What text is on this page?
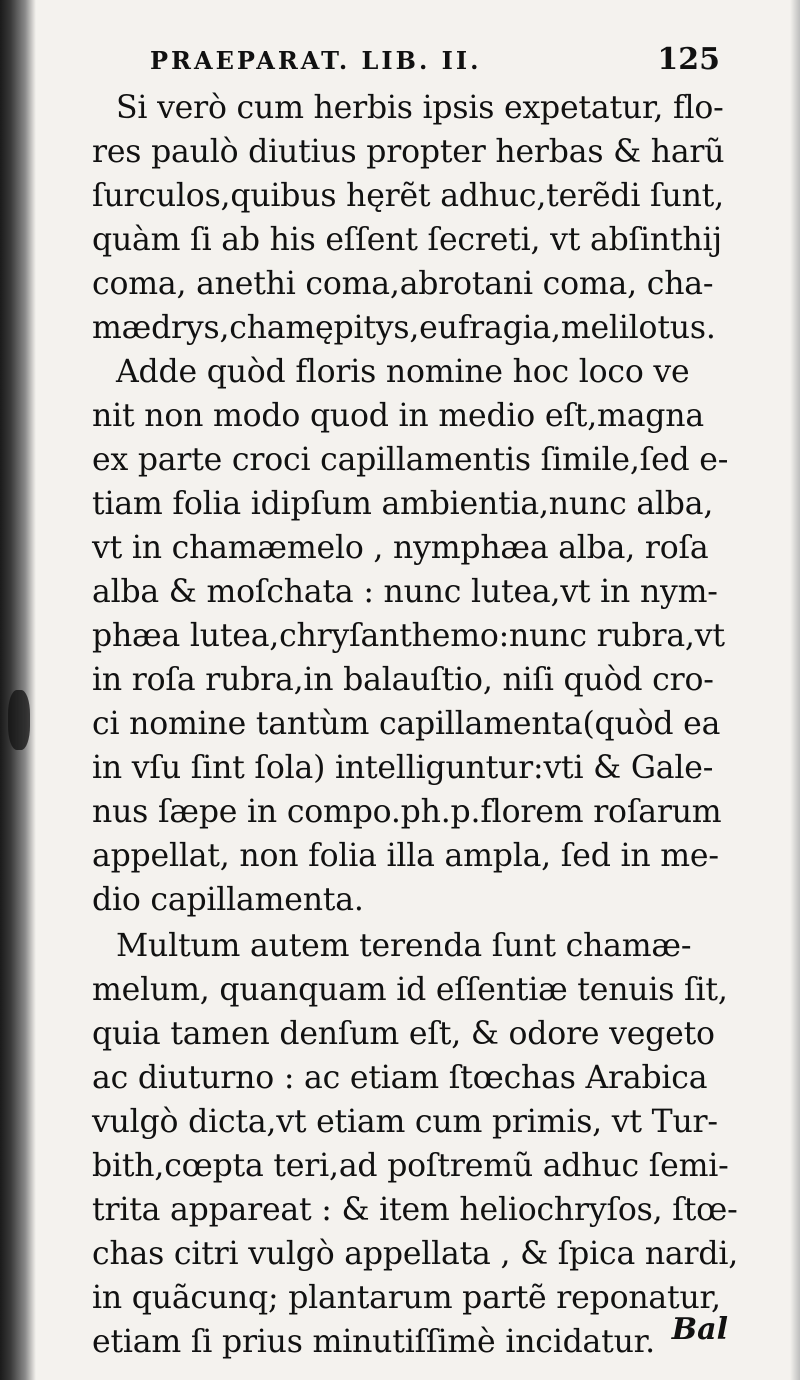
PRAEPARAT. LIB. II.	125
Si verò cum herbis ipsis expetatur, flo-
res paulò diutius propter herbas & harũ
ſurculos,quibus hęrẽt adhuc,terẽdi ſunt,
quàm ſi ab his eſſent ſecreti, vt abſinthij
coma, anethi coma,abrotani coma, cha-
mædrys,chamępitys,eufragia,melilotus.
Adde quòd floris nomine hoc loco ve
nit non modo quod in medio eſt,magna
ex parte croci capillamentis ſimile,ſed e-
tiam folia idipſum ambientia,nunc alba,
vt in chamæmelo , nymphæa alba, roſa
alba & moſchata : nunc lutea,vt in nym-
phæa lutea,chryſanthemo:nunc rubra,vt
in roſa rubra,in balauſtio, niſi quòd cro-
ci nomine tantùm capillamenta(quòd ea
in vſu ſint ſola) intelliguntur:vti & Gale-
nus ſæpe in compo.ph.p.florem roſarum
appellat, non folia illa ampla, ſed in me-
dio capillamenta.
Multum autem terenda ſunt chamæ-
melum, quanquam id eſſentiæ tenuis ſit,
quia tamen denſum eſt, & odore vegeto
ac diuturno : ac etiam ſtœchas Arabica
vulgò dicta,vt etiam cum primis, vt Tur-
bith,cœpta teri,ad poſtremũ adhuc ſemi-
trita appareat : & item heliochryſos, ſtœ-
chas citri vulgò appellata , & ſpica nardi,
in quãcunq; plantarum partẽ reponatur,
etiam ſi prius minutiſſimè incidatur. Bal
